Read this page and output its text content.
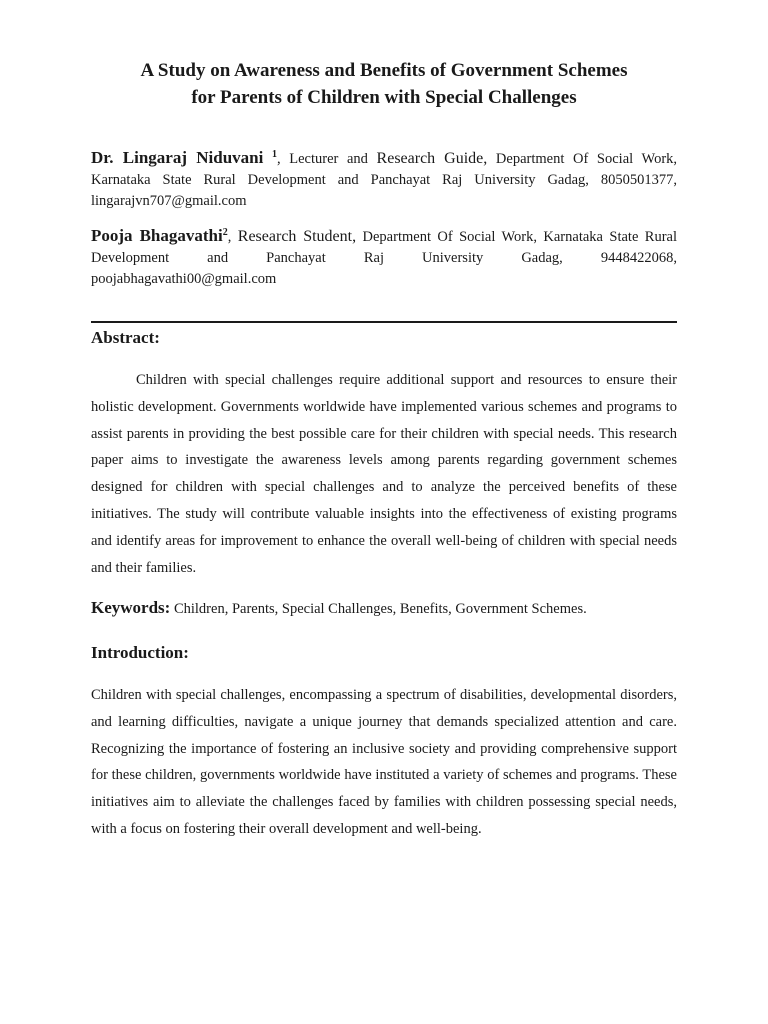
A Study on Awareness and Benefits of Government Schemes
for Parents of Children with Special Challenges
Dr. Lingaraj Niduvani $^1$, Lecturer and Research Guide, Department Of Social Work,
Karnataka State Rural Development and Panchayat Raj University Gadag, 8050501377,
lingarajvn707@gmail.com
Pooja Bhagavathi$^2$, Research Student, Department Of Social Work, Karnataka State Rural
Development and Panchayat Raj University Gadag, 9448422068,
poojabhagavathi00@gmail.com
Abstract:
Children with special challenges require additional support and resources to ensure their holistic development. Governments worldwide have implemented various schemes and programs to assist parents in providing the best possible care for their children with special needs. This research paper aims to investigate the awareness levels among parents regarding government schemes designed for children with special challenges and to analyze the perceived benefits of these initiatives. The study will contribute valuable insights into the effectiveness of existing programs and identify areas for improvement to enhance the overall well-being of children with special needs and their families.
Keywords: Children, Parents, Special Challenges, Benefits, Government Schemes.
Introduction:
Children with special challenges, encompassing a spectrum of disabilities, developmental disorders, and learning difficulties, navigate a unique journey that demands specialized attention and care. Recognizing the importance of fostering an inclusive society and providing comprehensive support for these children, governments worldwide have instituted a variety of schemes and programs. These initiatives aim to alleviate the challenges faced by families with children possessing special needs, with a focus on fostering their overall development and well-being.
